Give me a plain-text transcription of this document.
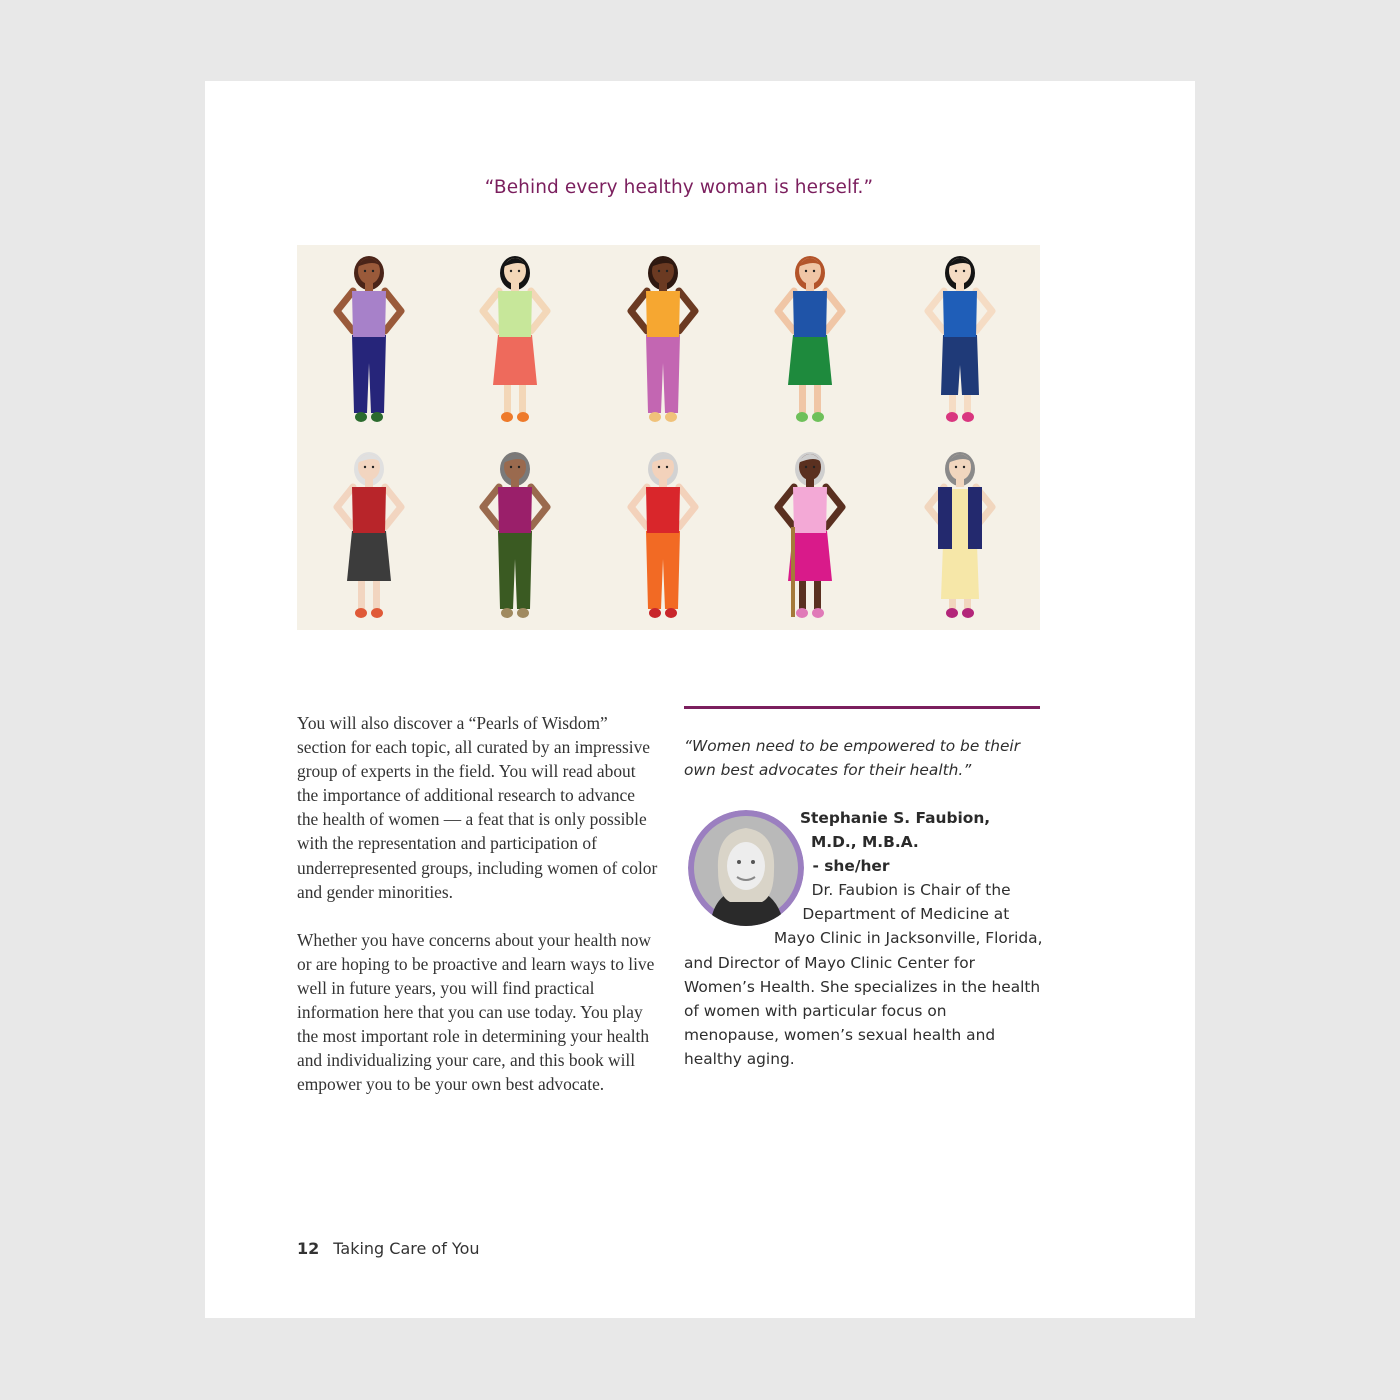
“Behind every healthy woman is herself.”

You will also discover a “Pearls of Wisdom” section for each topic, all curated by an impressive group of experts in the field. You will read about the importance of additional research to advance the health of women — a feat that is only possible with the representation and participation of underrepresented groups, including women of color and gender minorities.

Whether you have concerns about your health now or are hoping to be proactive and learn ways to live well in future years, you will find practical information here that you can use today. You play the most important role in determining your health and individualizing your care, and this book will empower you to be your own best advocate.

“Women need to be empowered to be their own best advocates for their health.”
Stephanie S. Faubion,
M.D., M.B.A.
- she/her
Dr. Faubion is Chair of the Department of Medicine at Mayo Clinic in Jacksonville, Florida, and Director of Mayo Clinic Center for Women’s Health. She specializes in the health of women with particular focus on menopause, women’s sexual health and healthy aging.
12 Taking Care of You
